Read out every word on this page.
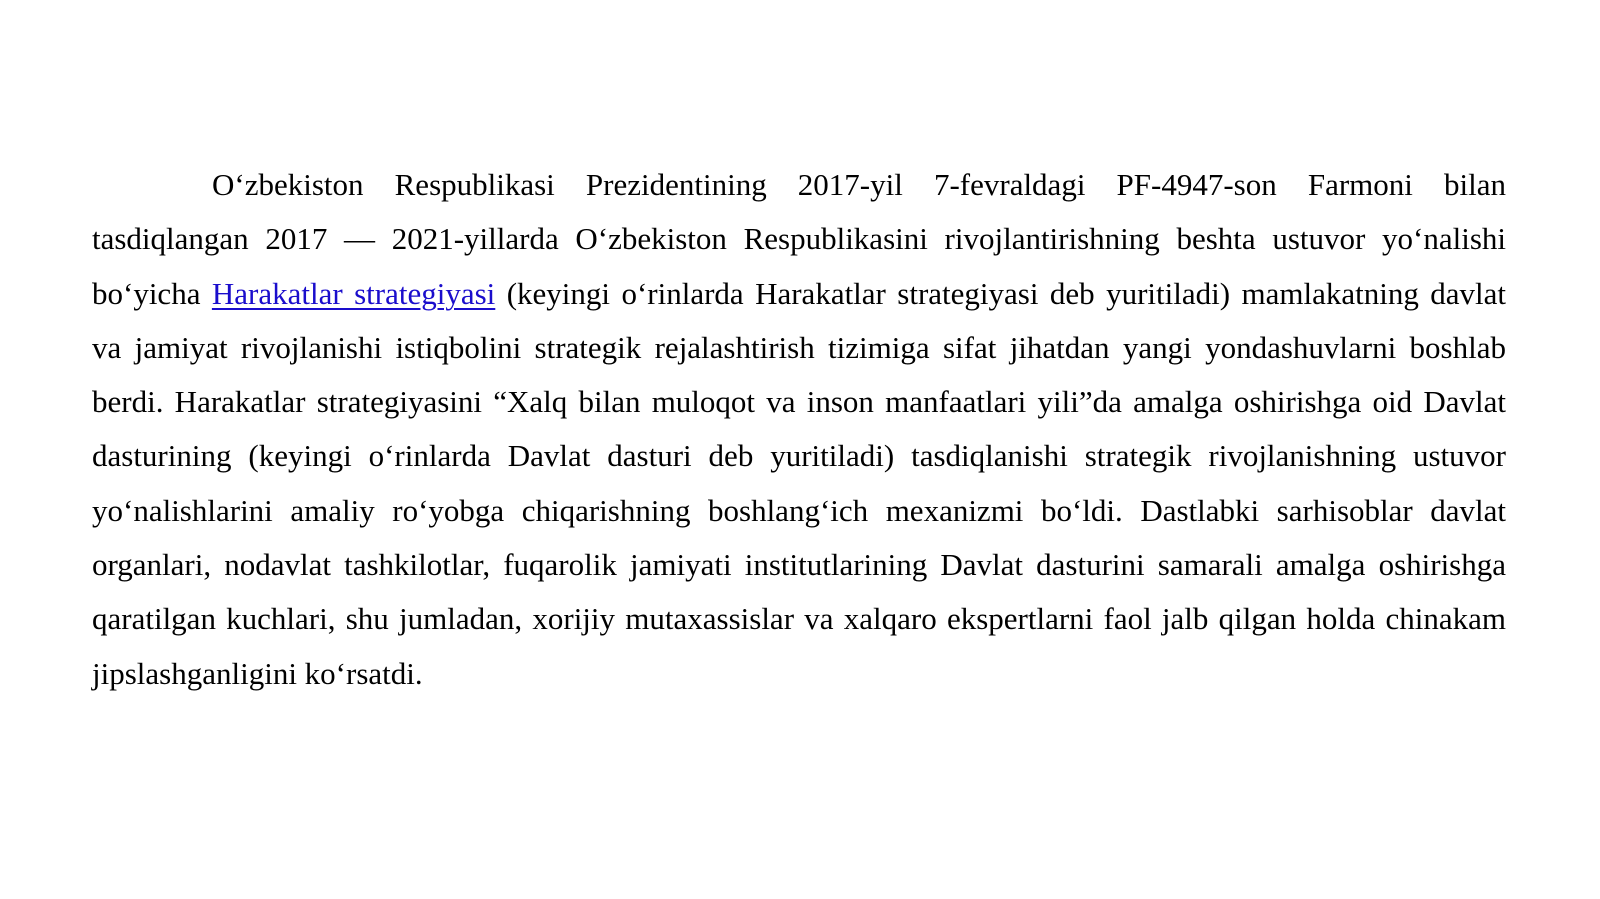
O‘zbekiston Respublikasi Prezidentining 2017-yil 7-fevraldagi PF-4947-son Farmoni bilan tasdiqlangan 2017 — 2021-yillarda O‘zbekiston Respublikasini rivojlantirishning beshta ustuvor yo‘nalishi bo‘yicha Harakatlar strategiyasi (keyingi o‘rinlarda Harakatlar strategiyasi deb yuritiladi) mamlakatning davlat va jamiyat rivojlanishi istiqbolini strategik rejalashtirish tizimiga sifat jihatdan yangi yondashuvlarni boshlab berdi. Harakatlar strategiyasini “Xalq bilan muloqot va inson manfaatlari yili”da amalga oshirishga oid Davlat dasturining (keyingi o‘rinlarda Davlat dasturi deb yuritiladi) tasdiqlanishi strategik rivojlanishning ustuvor yo‘nalishlarini amaliy ro‘yobga chiqarishning boshlang‘ich mexanizmi bo‘ldi. Dastlabki sarhisoblar davlat organlari, nodavlat tashkilotlar, fuqarolik jamiyati institutlarining Davlat dasturini samarali amalga oshirishga qaratilgan kuchlari, shu jumladan, xorijiy mutaxassislar va xalqaro ekspertlarni faol jalb qilgan holda chinakam jipslashganligini ko‘rsatdi.
